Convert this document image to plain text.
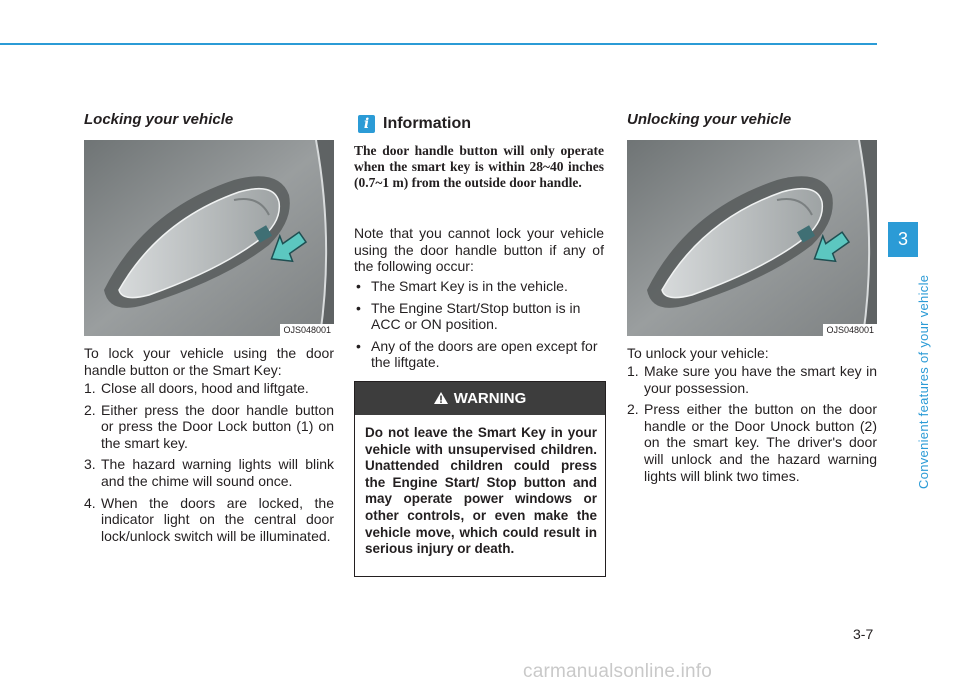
Locking your vehicle
OJS048001

To lock your vehicle using the door handle button or the Smart Key:

1. Close all doors, hood and liftgate.
2. Either press the door handle button or press the Door Lock button (1) on the smart key.
3. The hazard warning lights will blink and the chime will sound once.
4. When the doors are locked, the indicator light on the central door lock/unlock switch will be illuminated.
i Information

The door handle button will only operate when the smart key is within 28~40 inches (0.7~1 m) from the outside door handle.

Note that you cannot lock your vehicle using the door handle button if any of the following occur:

• The Smart Key is in the vehicle.
• The Engine Start/Stop button is in ACC or ON position.
• Any of the doors are open except for the liftgate.
WARNING

Do not leave the Smart Key in your vehicle with unsupervised children. Unattended children could press the Engine Start/ Stop button and may operate power windows or other controls, or even make the vehicle move, which could result in serious injury or death.

Unlocking your vehicle
OJS048001

To unlock your vehicle:

1. Make sure you have the smart key in your possession.
2. Press either the button on the door handle or the Door Unock button (2) on the smart key. The driver's door will unlock and the hazard warning lights will blink two times.
3
Convenient features of your vehicle
3-7
carmanualsonline.info
